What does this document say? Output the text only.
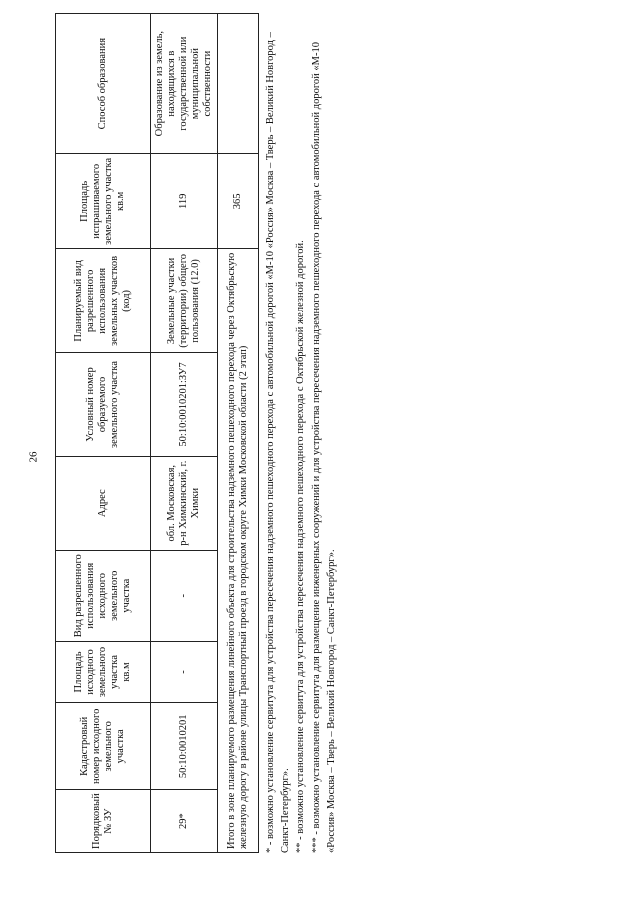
26
Порядковый № ЗУ	Кадастровый номер исходного земельного участка	Площадь исходного земельного участка кв.м	Вид разрешенного использования исходного земельного участка	Адрес	Условный номер образуемого земельного участка	Планируемый вид разрешенного использования земельных участков (код)	Площадь испрашиваемого земельного участка кв.м	Способ образования
29*	50:10:0010201	-	-	обл. Московская, р-н Химкинский, г. Химки	50:10:0010201:ЗУ7	Земельные участки (территории) общего пользования (12.0)	119	Образование из земель, находящихся в государственной или муниципальной собственности
Итого в зоне планируемого размещения линейного объекта для строительства надземного пешеходного перехода через Октябрьскую железную дорогу в районе улицы Транспортный проезд в городском округе Химки Московской области (2 этап)							365	* - возможно установление сервитута для устройства пересечения надземного пешеходного перехода с автомобильной дорогой «М-10 «Россия» Москва – Тверь – Великий Новгород – Санкт-Петербург». ** - возможно установление сервитута для устройства пересечения надземного пешеходного перехода с Октябрьской железной дорогой. *** - возможно установление сервитута для размещение инженерных сооружений и для устройства пересечения надземного пешеходного перехода с автомобильной дорогой «М-10 «Россия» Москва – Тверь – Великий Новгород – Санкт-Петербург».
